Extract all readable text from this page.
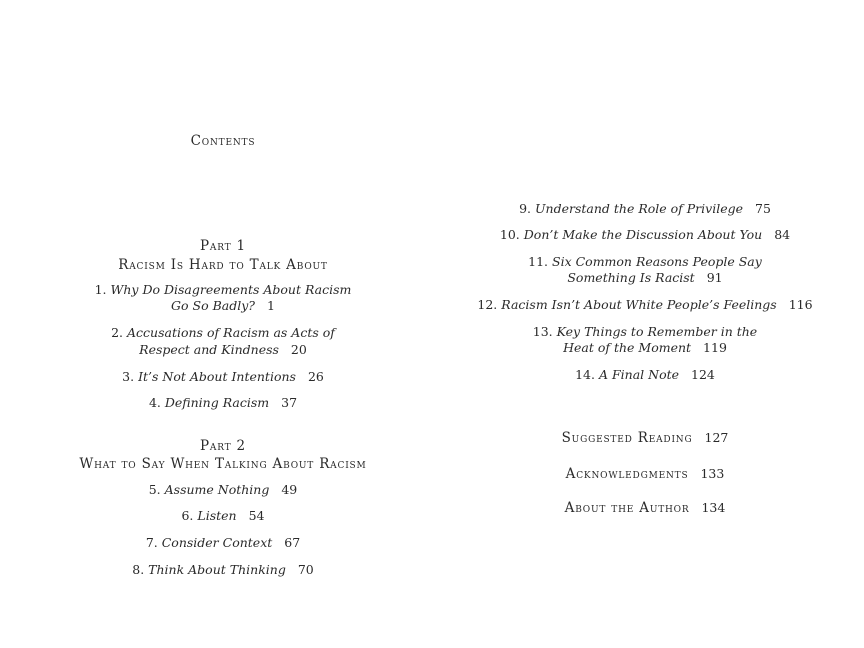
Contents
Part 1
Racism Is Hard to Talk About
1. Why Do Disagreements About Racism
Go So Badly? 1
2. Accusations of Racism as Acts of
Respect and Kindness 20
3. It’s Not About Intentions 26
4. Defining Racism 37
Part 2
What to Say When Talking About Racism
5. Assume Nothing 49
6. Listen 54
7. Consider Context 67
8. Think About Thinking 70
9. Understand the Role of Privilege 75
10. Don’t Make the Discussion About You 84
11. Six Common Reasons People Say
Something Is Racist 91
12. Racism Isn’t About White People’s Feelings 116
13. Key Things to Remember in the
Heat of the Moment 119
14. A Final Note 124
Suggested Reading 127
Acknowledgments 133
About the Author 134
